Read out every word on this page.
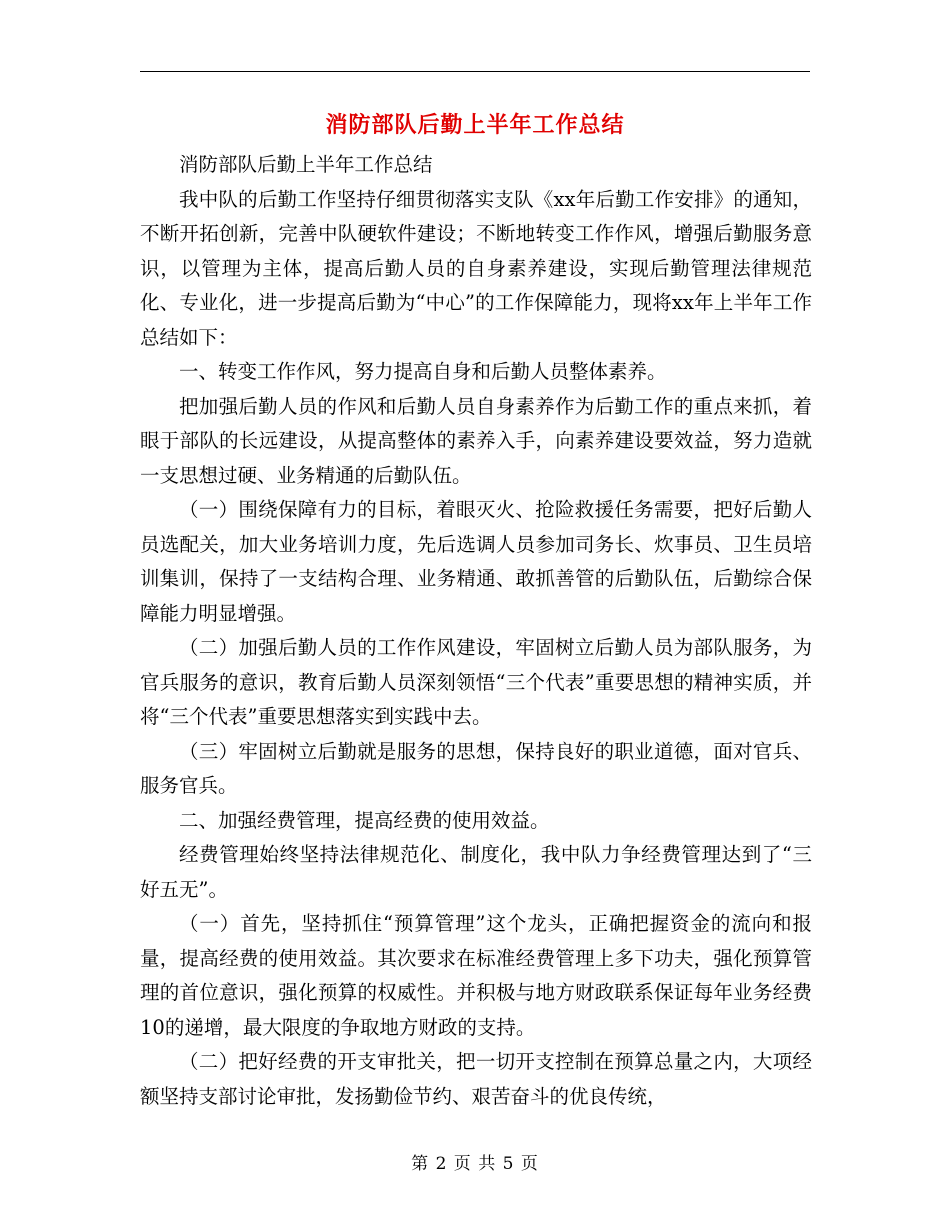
消防部队后勤上半年工作总结

消防部队后勤上半年工作总结

我中队的后勤工作坚持仔细贯彻落实支队《xx年后勤工作安排》的通知，不断开拓创新，完善中队硬软件建设；不断地转变工作作风，增强后勤服务意识，以管理为主体，提高后勤人员的自身素养建设，实现后勤管理法律规范化、专业化，进一步提高后勤为“中心”的工作保障能力，现将xx年上半年工作总结如下：

一、转变工作作风，努力提高自身和后勤人员整体素养。

把加强后勤人员的作风和后勤人员自身素养作为后勤工作的重点来抓，着眼于部队的长远建设，从提高整体的素养入手，向素养建设要效益，努力造就一支思想过硬、业务精通的后勤队伍。

（一）围绕保障有力的目标，着眼灭火、抢险救援任务需要，把好后勤人员选配关，加大业务培训力度，先后选调人员参加司务长、炊事员、卫生员培训集训，保持了一支结构合理、业务精通、敢抓善管的后勤队伍，后勤综合保障能力明显增强。

（二）加强后勤人员的工作作风建设，牢固树立后勤人员为部队服务，为官兵服务的意识，教育后勤人员深刻领悟“三个代表”重要思想的精神实质，并将“三个代表”重要思想落实到实践中去。

（三）牢固树立后勤就是服务的思想，保持良好的职业道德，面对官兵、服务官兵。

二、加强经费管理，提高经费的使用效益。

经费管理始终坚持法律规范化、制度化，我中队力争经费管理达到了“三好五无”。

（一）首先，坚持抓住“预算管理”这个龙头，正确把握资金的流向和报量，提高经费的使用效益。其次要求在标准经费管理上多下功夫，强化预算管理的首位意识，强化预算的权威性。并积极与地方财政联系保证每年业务经费10的递增，最大限度的争取地方财政的支持。

（二）把好经费的开支审批关，把一切开支控制在预算总量之内，大项经额坚持支部讨论审批，发扬勤俭节约、艰苦奋斗的优良传统，

第 2 页 共 5 页
